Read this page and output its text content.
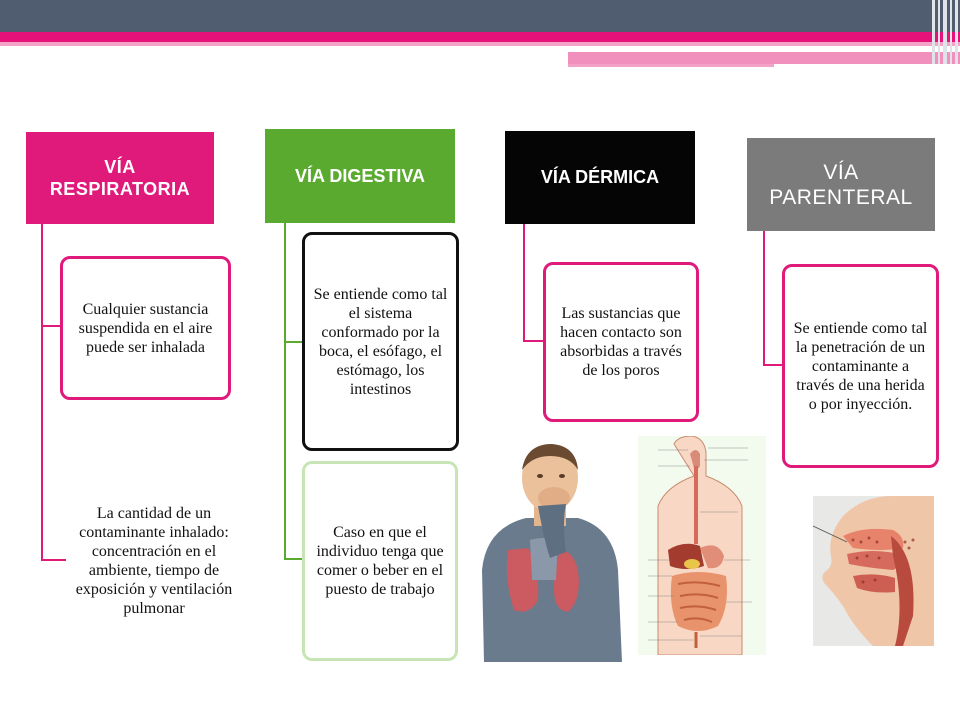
VÍA RESPIRATORIA
Cualquier sustancia suspendida en el aire puede ser inhalada
La cantidad de un contaminante inhalado: concentración en el ambiente, tiempo de exposición y ventilación pulmonar
VÍA DIGESTIVA
Se entiende como tal el sistema conformado por la boca, el esófago, el estómago, los intestinos
Caso en que el individuo tenga que comer o beber en el puesto de trabajo
VÍA DÉRMICA
Las sustancias que hacen contacto son absorbidas a través de los poros
VÍA PARENTERAL
Se entiende como tal la penetración de un contaminante a través de una herida o por inyección.
